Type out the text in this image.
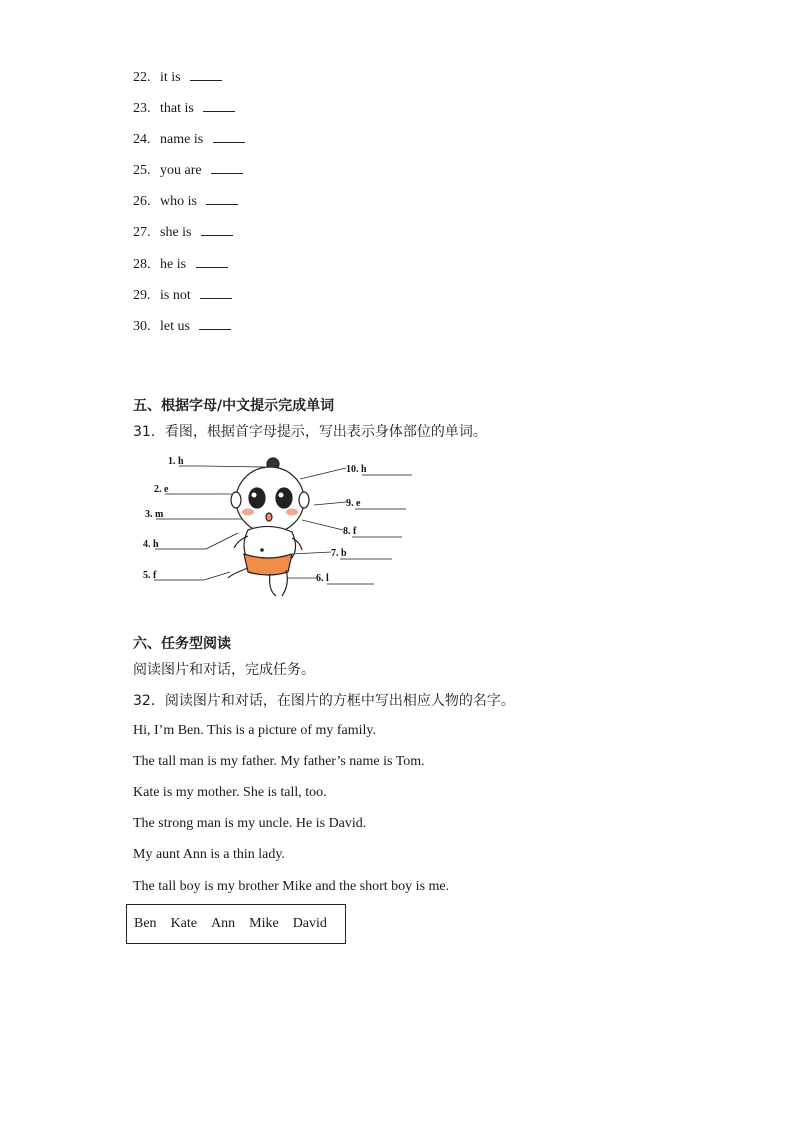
22. it is
23. that is
24. name is
25. you are
26. who is
27. she is
28. he is
29. is not
30. let us
五、根据字母/中文提示完成单词
31．看图，根据首字母提示，写出表示身体部位的单词。
1. h
2. e
3. m
4. h
5. f
10. h
9. e
8. f
7. b
6. l
六、任务型阅读
阅读图片和对话，完成任务。
32．阅读图片和对话，在图片的方框中写出相应人物的名字。
Hi, I’m Ben. This is a picture of my family.
The tall man is my father. My father’s name is Tom.
Kate is my mother. She is tall, too.
The strong man is my uncle. He is David.
My aunt Ann is a thin lady.
The tall boy is my brother Mike and the short boy is me.
Ben Kate Ann Mike David
